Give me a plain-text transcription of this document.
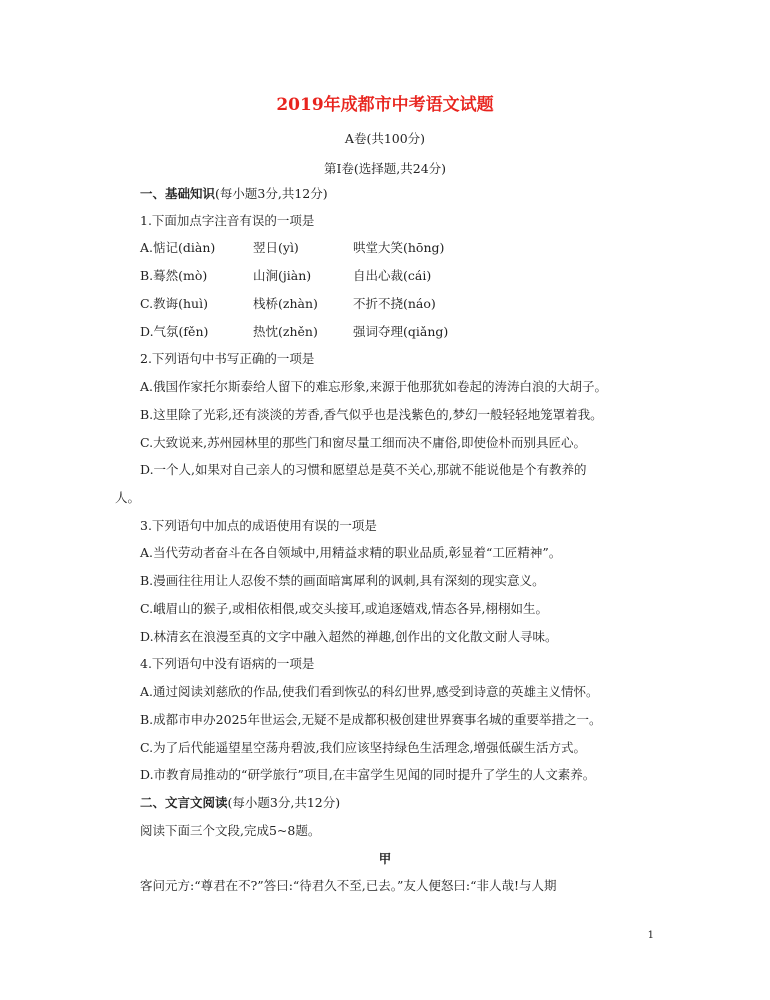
2019年成都市中考语文试题
A卷(共100分)
第Ⅰ卷(选择题,共24分)
一、基础知识(每小题3分,共12分)
1.下面加点字注音有误的一项是
A.惦记(diàn)	翌日(yì)	哄堂大笑(hōng)
B.蓦然(mò)	山涧(jiàn)	自出心裁(cái)
C.教诲(huì)	栈桥(zhàn)	不折不挠(náo)
D.气氛(fěn)	热忱(zhěn)	强词夺理(qiǎng)
2.下列语句中书写正确的一项是
A.俄国作家托尔斯泰给人留下的难忘形象,来源于他那犹如卷起的涛涛白浪的大胡子。
B.这里除了光彩,还有淡淡的芳香,香气似乎也是浅紫色的,梦幻一般轻轻地笼罩着我。
C.大致说来,苏州园林里的那些门和窗尽量工细而决不庸俗,即使俭朴而别具匠心。
D.一个人,如果对自己亲人的习惯和愿望总是莫不关心,那就不能说他是个有教养的
人。
3.下列语句中加点的成语使用有误的一项是
A.当代劳动者奋斗在各自领域中,用精益求精的职业品质,彰显着“工匠精神”。
B.漫画往往用让人忍俊不禁的画面暗寓犀利的讽刺,具有深刻的现实意义。
C.峨眉山的猴子,或相依相偎,或交头接耳,或追逐嬉戏,情态各异,栩栩如生。
D.林清玄在浪漫至真的文字中融入超然的禅趣,创作出的文化散文耐人寻味。
4.下列语句中没有语病的一项是
A.通过阅读刘慈欣的作品,使我们看到恢弘的科幻世界,感受到诗意的英雄主义情怀。
B.成都市申办2025年世运会,无疑不是成都积极创建世界赛事名城的重要举措之一。
C.为了后代能遥望星空荡舟碧波,我们应该坚持绿色生活理念,增强低碳生活方式。
D.市教育局推动的“研学旅行”项目,在丰富学生见闻的同时提升了学生的人文素养。
二、文言文阅读(每小题3分,共12分)
阅读下面三个文段,完成5~8题。
甲
客问元方:“尊君在不?”答曰:“待君久不至,已去。”友人便怒曰:“非人哉!与人期
1
